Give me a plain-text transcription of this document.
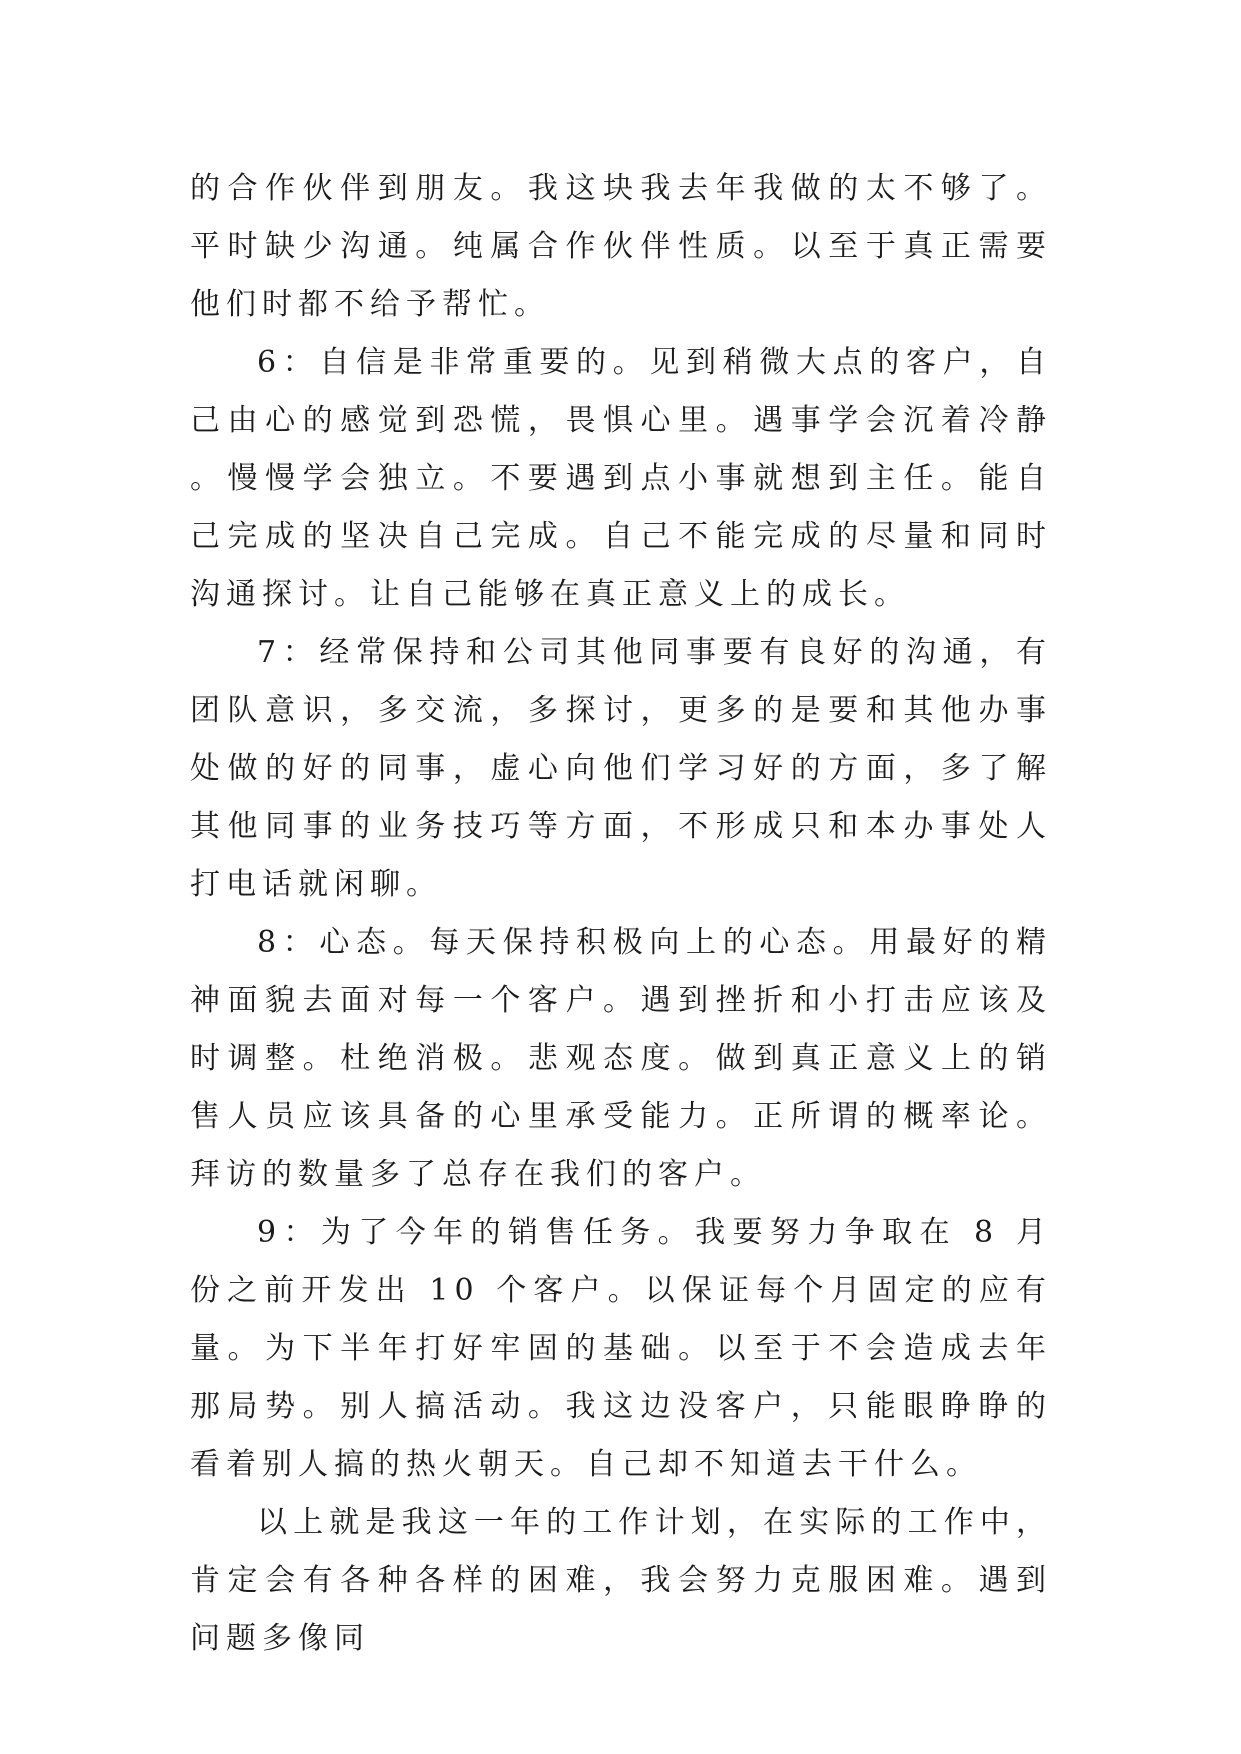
的合作伙伴到朋友。我这块我去年我做的太不够了。平时缺少沟通。纯属合作伙伴性质。以至于真正需要他们时都不给予帮忙。

6：自信是非常重要的。见到稍微大点的客户，自己由心的感觉到恐慌，畏惧心里。遇事学会沉着冷静。慢慢学会独立。不要遇到点小事就想到主任。能自己完成的坚决自己完成。自己不能完成的尽量和同时沟通探讨。让自己能够在真正意义上的成长。

7：经常保持和公司其他同事要有良好的沟通，有团队意识，多交流，多探讨，更多的是要和其他办事处做的好的同事，虚心向他们学习好的方面，多了解其他同事的业务技巧等方面，不形成只和本办事处人打电话就闲聊。

8：心态。每天保持积极向上的心态。用最好的精神面貌去面对每一个客户。遇到挫折和小打击应该及时调整。杜绝消极。悲观态度。做到真正意义上的销售人员应该具备的心里承受能力。正所谓的概率论。拜访的数量多了总存在我们的客户。

9：为了今年的销售任务。我要努力争取在 8 月份之前开发出 10 个客户。以保证每个月固定的应有量。为下半年打好牢固的基础。以至于不会造成去年那局势。别人搞活动。我这边没客户，只能眼睁睁的看着别人搞的热火朝天。自己却不知道去干什么。

以上就是我这一年的工作计划，在实际的工作中，肯定会有各种各样的困难，我会努力克服困难。遇到问题多像同
